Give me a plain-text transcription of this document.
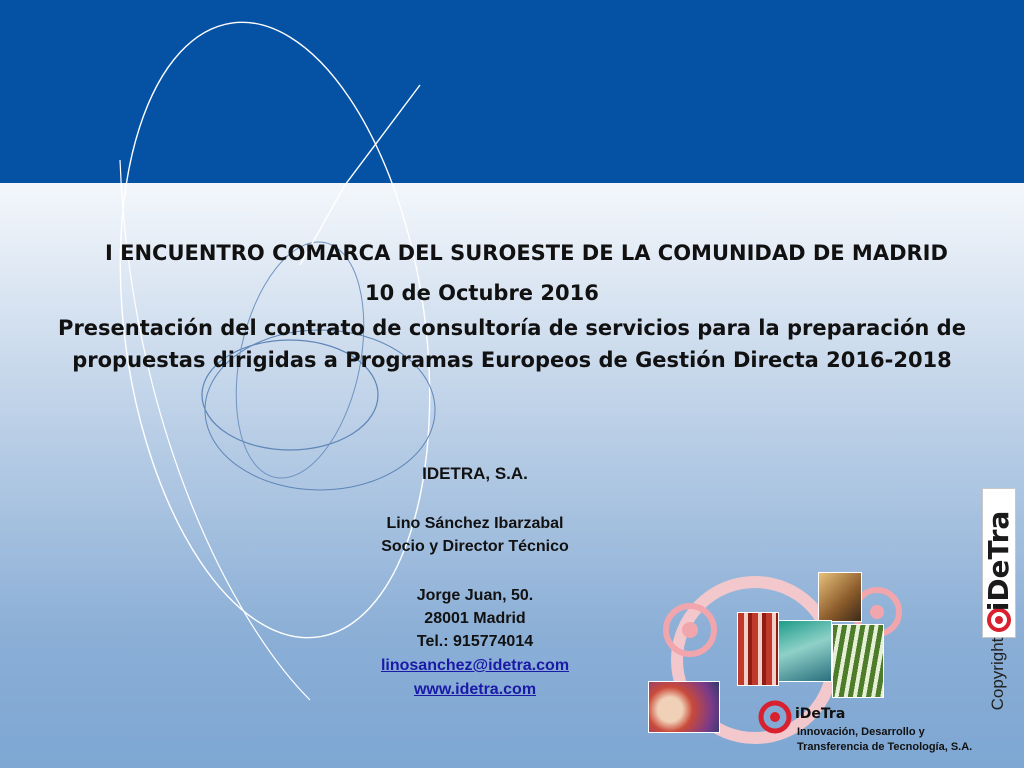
I ENCUENTRO COMARCA DEL SUROESTE DE LA COMUNIDAD DE MADRID
10 de Octubre 2016
Presentación del contrato de consultoría de servicios para la preparación de
propuestas dirigidas a Programas Europeos de Gestión Directa 2016-2018
IDETRA, S.A.
Lino Sánchez Ibarzabal
Socio y Director Técnico
Jorge Juan, 50.
28001 Madrid
Tel.: 915774014
linosanchez@idetra.com
www.idetra.com
iDeTra
Innovación, Desarrollo y
Transferencia de Tecnología, S.A.
iDeTra
Copyright
